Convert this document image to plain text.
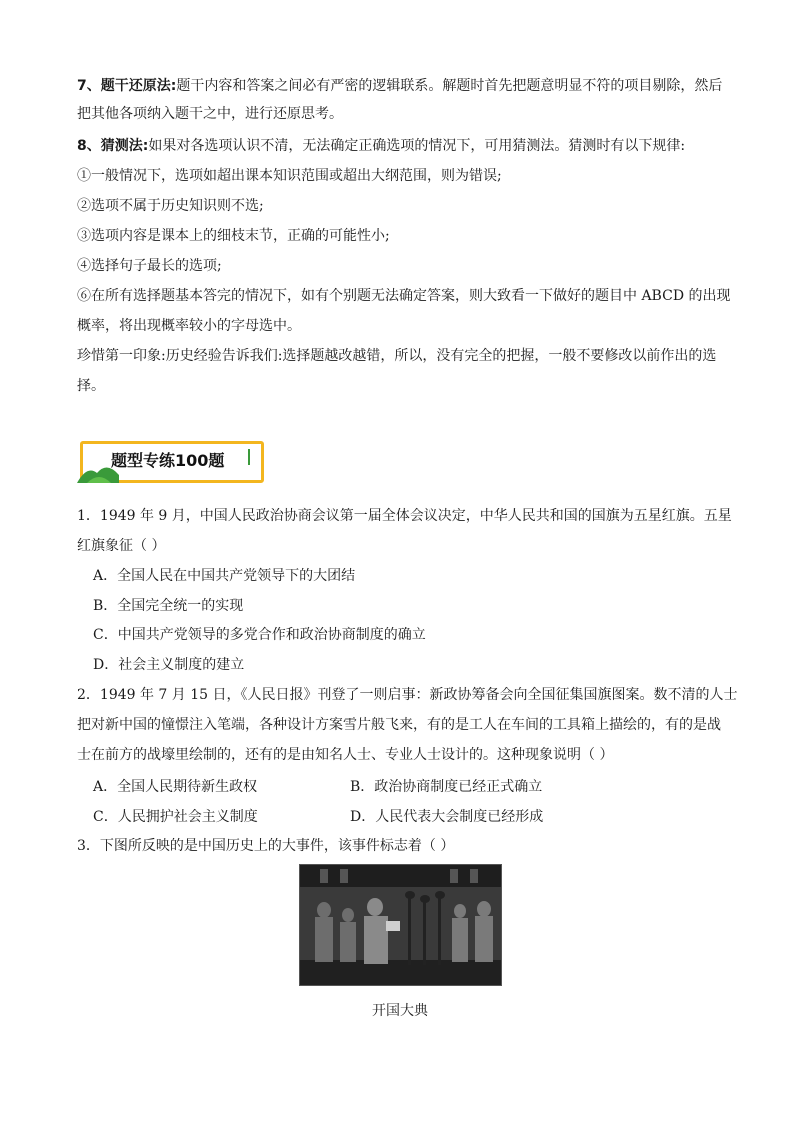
7、题干还原法:题干内容和答案之间必有严密的逻辑联系。解题时首先把题意明显不符的项目剔除，然后
把其他各项纳入题干之中，进行还原思考。
8、猜测法:如果对各选项认识不清，无法确定正确选项的情况下，可用猜测法。猜测时有以下规律:
①一般情况下，选项如超出课本知识范围或超出大纲范围，则为错误;
②选项不属于历史知识则不选;
③选项内容是课本上的细枝末节，正确的可能性小;
④选择句子最长的选项;
⑥在所有选择题基本答完的情况下，如有个别题无法确定答案，则大致看一下做好的题目中 ABCD 的出现
概率，将出现概率较小的字母选中。
珍惜第一印象:历史经验告诉我们:选择题越改越错，所以，没有完全的把握，一般不要修改以前作出的选
择。
题型专练100题
1．1949 年 9 月，中国人民政治协商会议第一届全体会议决定，中华人民共和国的国旗为五星红旗。五星
红旗象征（ ）
A．全国人民在中国共产党领导下的大团结
B．全国完全统一的实现
C．中国共产党领导的多党合作和政治协商制度的确立
D．社会主义制度的建立
2．1949 年 7 月 15 日，《人民日报》刊登了一则启事：新政协筹备会向全国征集国旗图案。数不清的人士
把对新中国的憧憬注入笔端，各种设计方案雪片般飞来，有的是工人在车间的工具箱上描绘的，有的是战
士在前方的战壕里绘制的，还有的是由知名人士、专业人士设计的。这种现象说明（ ）
A．全国人民期待新生政权	B．政治协商制度已经正式确立
C．人民拥护社会主义制度	D．人民代表大会制度已经形成
3．下图所反映的是中国历史上的大事件，该事件标志着（ ）
开国大典
